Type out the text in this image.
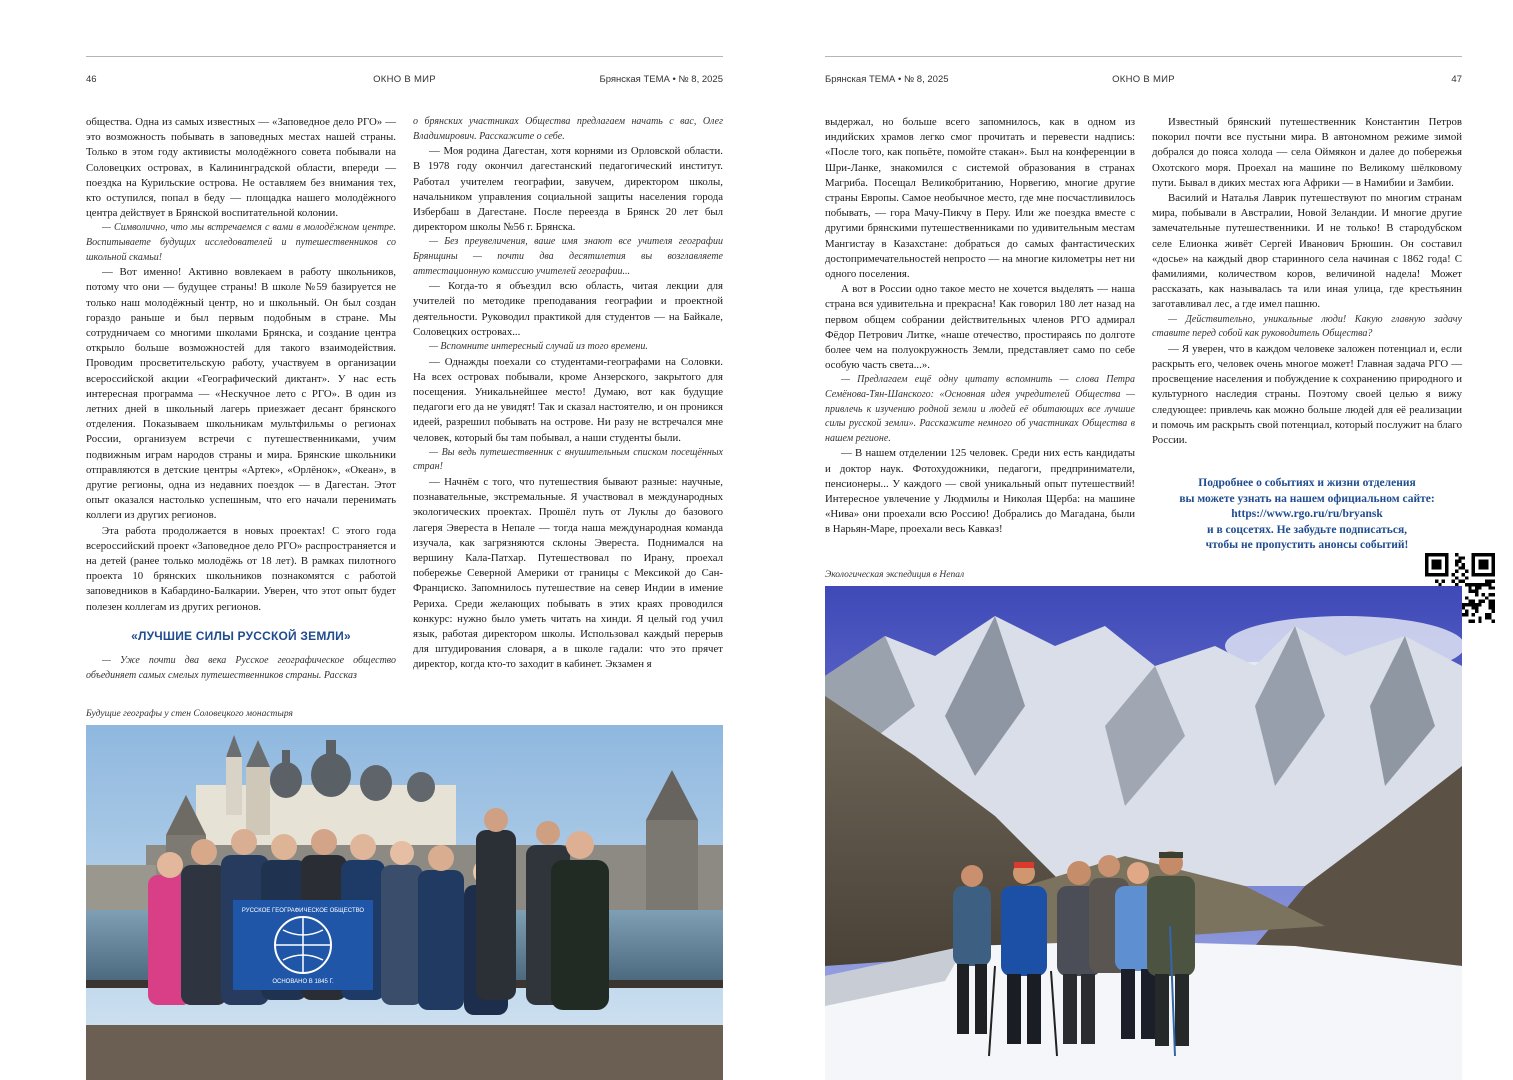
46	ОКНО В МИР	Брянская ТЕМА • № 8, 2025

общества. Одна из самых известных — «Заповедное дело РГО» — это возможность побывать в заповедных местах нашей страны. Только в этом году активисты молодёжного совета побывали на Соловецких островах, в Калининградской области, впереди — поездка на Курильские острова. Не оставляем без внимания тех, кто оступился, попал в беду — площадка нашего молодёжного центра действует в Брянской воспитательной колонии.

— Символично, что мы встречаемся с вами в молодёжном центре. Воспитываете будущих исследователей и путешественников со школьной скамьи!

— Вот именно! Активно вовлекаем в работу школьников, потому что они — будущее страны! В школе №59 базируется не только наш молодёжный центр, но и школьный. Он был создан гораздо раньше и был первым подобным в стране. Мы сотрудничаем со многими школами Брянска, и создание центра открыло больше возможностей для такого взаимодействия. Проводим просветительскую работу, участвуем в организации всероссийской акции «Географический диктант». У нас есть интересная программа — «Нескучное лето с РГО». В один из летних дней в школьный лагерь приезжает десант брянского отделения. Показываем школьникам мультфильмы о регионах России, организуем встречи с путешественниками, учим подвижным играм народов страны и мира. Брянские школьники отправляются в детские центры «Артек», «Орлёнок», «Океан», в другие регионы, одна из недавних поездок — в Дагестан. Этот опыт оказался настолько успешным, что его начали перенимать коллеги из других регионов.

Эта работа продолжается в новых проектах! С этого года всероссийский проект «Заповедное дело РГО» распространяется и на детей (ранее только молодёжь от 18 лет). В рамках пилотного проекта 10 брянских школьников познакомятся с работой заповедников в Кабардино-Балкарии. Уверен, что этот опыт будет полезен коллегам из других регионов.

«ЛУЧШИЕ СИЛЫ РУССКОЙ ЗЕМЛИ»

— Уже почти два века Русское географическое общество объединяет самых смелых путешественников страны. Рассказ

о брянских участниках Общества предлагаем начать с вас, Олег Владимирович. Расскажите о себе.

— Моя родина Дагестан, хотя корнями из Орловской области. В 1978 году окончил дагестанский педагогический институт. Работал учителем географии, завучем, директором школы, начальником управления социальной защиты населения города Избербаш в Дагестане. После переезда в Брянск 20 лет был директором школы №56 г. Брянска.

— Без преувеличения, ваше имя знают все учителя географии Брянщины — почти два десятилетия вы возглавляете аттестационную комиссию учителей географии...

— Когда-то я объездил всю область, читая лекции для учителей по методике преподавания географии и проектной деятельности. Руководил практикой для студентов — на Байкале, Соловецких островах...

— Вспомните интересный случай из того времени.

— Однажды поехали со студентами-географами на Соловки. На всех островах побывали, кроме Анзерского, закрытого для посещения. Уникальнейшее место! Думаю, вот как будущие педагоги его да не увидят! Так и сказал настоятелю, и он проникся идеей, разрешил побывать на острове. Ни разу не встречался мне человек, который бы там побывал, а наши студенты были.

— Вы ведь путешественник с внушительным списком посещённых стран!

— Начнём с того, что путешествия бывают разные: научные, познавательные, экстремальные. Я участвовал в международных экологических проектах. Прошёл путь от Луклы до базового лагеря Эвереста в Непале — тогда наша международная команда изучала, как загрязняются склоны Эвереста. Поднимался на вершину Кала-Патхар. Путешествовал по Ирану, проехал побережье Северной Америки от границы с Мексикой до Сан-Франциско. Запомнилось путешествие на север Индии в имение Рериха. Среди желающих побывать в этих краях проводился конкурс: нужно было уметь читать на хинди. Я целый год учил язык, работая директором школы. Использовал каждый перерыв для штудирования словаря, а в школе гадали: что это прячет директор, когда кто-то заходит в кабинет. Экзамен я

Будущие географы у стен Соловецкого монастыря
РУССКОЕ ГЕОГРАФИЧЕСКОЕ ОБЩЕСТВО
ОСНОВАНО В 1845 Г.
Брянская ТЕМА • № 8, 2025	ОКНО В МИР	47

выдержал, но больше всего запомнилось, как в одном из индийских храмов легко смог прочитать и перевести надпись: «После того, как попьёте, помойте стакан». Был на конференции в Шри-Ланке, знакомился с системой образования в странах Магриба. Посещал Великобританию, Норвегию, многие другие страны Европы. Самое необычное место, где мне посчастливилось побывать, — гора Мачу-Пикчу в Перу. Или же поездка вместе с другими брянскими путешественниками по удивительным местам Мангистау в Казахстане: добраться до самых фантастических достопримечательностей непросто — на многие километры нет ни одного поселения.

А вот в России одно такое место не хочется выделять — наша страна вся удивительна и прекрасна! Как говорил 180 лет назад на первом общем собрании действительных членов РГО адмирал Фёдор Петрович Литке, «наше отечество, простираясь по долготе более чем на полуокружность Земли, представляет само по себе особую часть света...».

— Предлагаем ещё одну цитату вспомнить — слова Петра Семёнова-Тян-Шанского: «Основная идея учредителей Общества — привлечь к изучению родной земли и людей её обитающих все лучшие силы русской земли». Расскажите немного об участниках Общества в нашем регионе.

— В нашем отделении 125 человек. Среди них есть кандидаты и доктор наук. Фотохудожники, педагоги, предприниматели, пенсионеры... У каждого — свой уникальный опыт путешествий! Интересное увлечение у Людмилы и Николая Щерба: на машине «Нива» они проехали всю Россию! Добрались до Магадана, были в Нарьян-Маре, проехали весь Кавказ!

Известный брянский путешественник Константин Петров покорил почти все пустыни мира. В автономном режиме зимой добрался до пояса холода — села Оймякон и далее до побережья Охотского моря. Проехал на машине по Великому шёлковому пути. Бывал в диких местах юга Африки — в Намибии и Замбии.

Василий и Наталья Лаврик путешествуют по многим странам мира, побывали в Австралии, Новой Зеландии. И многие другие замечательные путешественники. И не только! В стародубском селе Елионка живёт Сергей Иванович Брюшин. Он составил «досье» на каждый двор старинного села начиная с 1862 года! С фамилиями, количеством коров, величиной надела! Может рассказать, как называлась та или иная улица, где крестьянин заготавливал лес, а где имел пашню.

— Действительно, уникальные люди! Какую главную задачу ставите перед собой как руководитель Общества?

— Я уверен, что в каждом человеке заложен потенциал и, если раскрыть его, человек очень многое может! Главная задача РГО — просвещение населения и побуждение к сохранению природного и культурного наследия страны. Поэтому своей целью я вижу следующее: привлечь как можно больше людей для её реализации и помочь им раскрыть свой потенциал, который послужит на благо России.

Подробнее о событиях и жизни отделения
вы можете узнать на нашем официальном сайте:
https://www.rgo.ru/ru/bryansk
и в соцсетях. Не забудьте подписаться,
чтобы не пропустить анонсы событий!
Экологическая экспедиция в Непал
